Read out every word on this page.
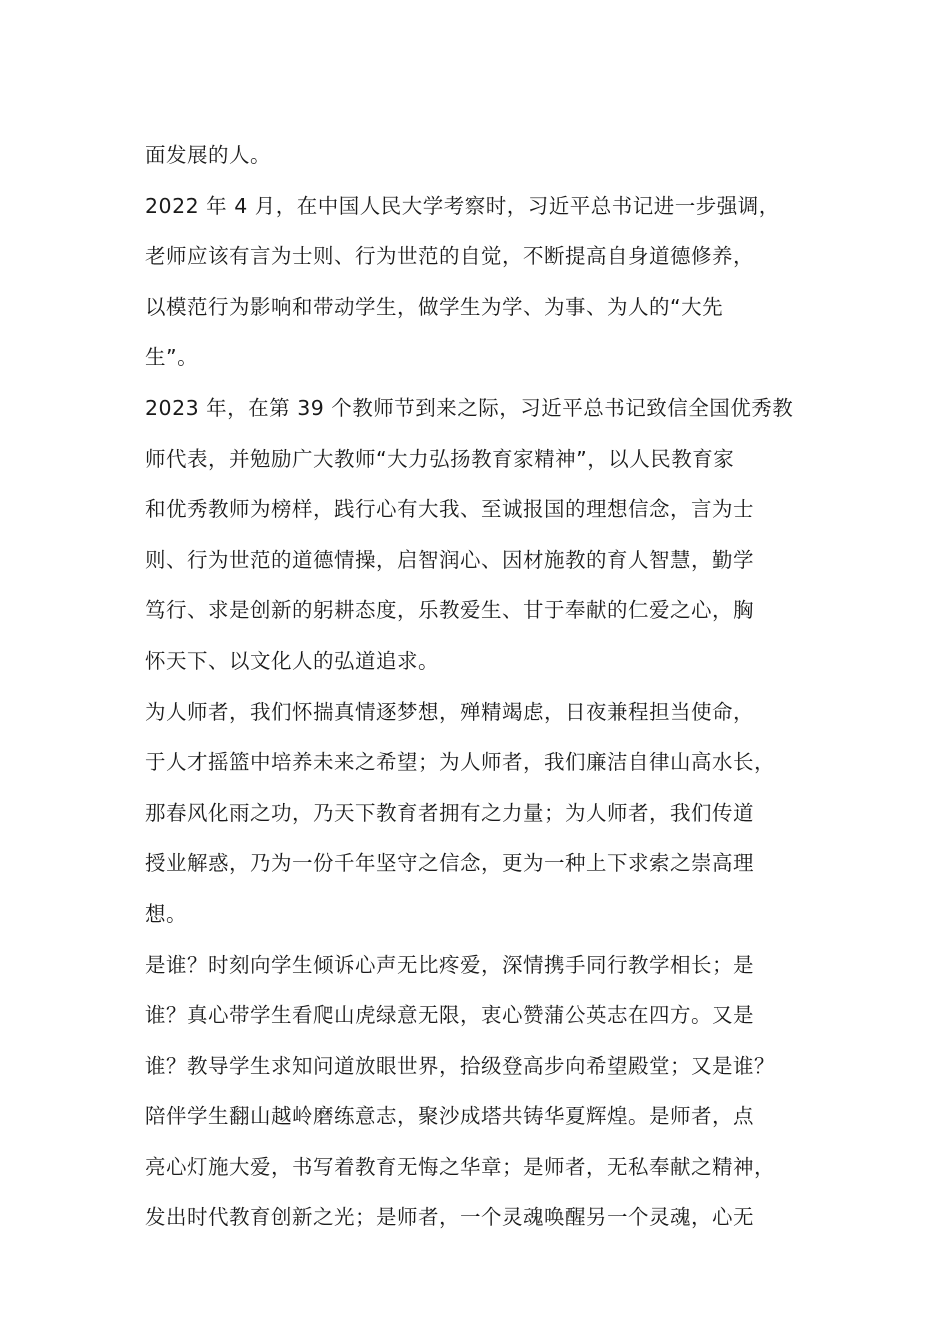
面发展的人。
2022 年 4 月，在中国人民大学考察时，习近平总书记进一步强调，
老师应该有言为士则、行为世范的自觉，不断提高自身道德修养，
以模范行为影响和带动学生，做学生为学、为事、为人的“大先
生”。
2023 年，在第 39 个教师节到来之际，习近平总书记致信全国优秀教
师代表，并勉励广大教师“大力弘扬教育家精神”，以人民教育家
和优秀教师为榜样，践行心有大我、至诚报国的理想信念，言为士
则、行为世范的道德情操，启智润心、因材施教的育人智慧，勤学
笃行、求是创新的躬耕态度，乐教爱生、甘于奉献的仁爱之心，胸
怀天下、以文化人的弘道追求。
为人师者，我们怀揣真情逐梦想，殚精竭虑，日夜兼程担当使命，
于人才摇篮中培养未来之希望；为人师者，我们廉洁自律山高水长，
那春风化雨之功，乃天下教育者拥有之力量；为人师者，我们传道
授业解惑，乃为一份千年坚守之信念，更为一种上下求索之崇高理
想。
是谁？时刻向学生倾诉心声无比疼爱，深情携手同行教学相长；是
谁？真心带学生看爬山虎绿意无限，衷心赞蒲公英志在四方。又是
谁？教导学生求知问道放眼世界，拾级登高步向希望殿堂；又是谁？
陪伴学生翻山越岭磨练意志，聚沙成塔共铸华夏辉煌。是师者，点
亮心灯施大爱，书写着教育无悔之华章；是师者，无私奉献之精神，
发出时代教育创新之光；是师者，一个灵魂唤醒另一个灵魂，心无
